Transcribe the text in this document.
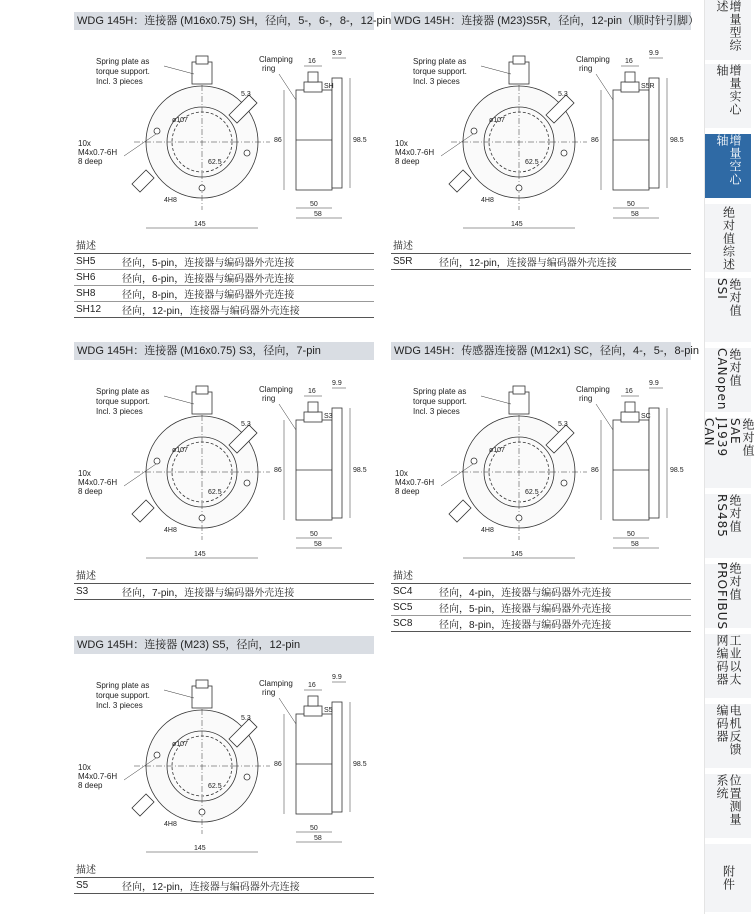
WDG 145H：连接器 (M16x0.75) SH，径向，5-，6-，8-，12-pin
Spring plate as
torque support.
Incl. 3 pieces
Clamping
ring
10x
M4x0.7-6H
8 deep
16
9.9
5.3
86	98.5
50
58
145
4H8
ø107
62.5
SH
描述
SH5	径向，5-pin，连接器与编码器外壳连接
SH6	径向，6-pin，连接器与编码器外壳连接
SH8	径向，8-pin，连接器与编码器外壳连接
SH12	径向，12-pin，连接器与编码器外壳连接
WDG 145H：连接器 (M23)S5R，径向，12-pin（顺时针引脚）
Spring plate as
torque support.
Incl. 3 pieces
Clamping
ring
10x
M4x0.7-6H
8 deep
16
9.9
5.3
86	98.5
50
58
145
4H8
ø107
62.5
S5R
描述
S5R	径向，12-pin，连接器与编码器外壳连接
WDG 145H：连接器 (M16x0.75) S3，径向，7-pin
Spring plate as
torque support.
Incl. 3 pieces
Clamping
ring
10x
M4x0.7-6H
8 deep
16
9.9
5.3
86	98.5
50
58
145
4H8
ø107
62.5
S3
描述
S3	径向，7-pin，连接器与编码器外壳连接
WDG 145H：传感器连接器 (M12x1) SC，径向，4-，5-，8-pin
Spring plate as
torque support.
Incl. 3 pieces
Clamping
ring
10x
M4x0.7-6H
8 deep
16
9.9
5.3
86	98.5
50
58
145
4H8
ø107
62.5
SC
描述
SC4	径向，4-pin，连接器与编码器外壳连接
SC5	径向，5-pin，连接器与编码器外壳连接
SC8	径向，8-pin，连接器与编码器外壳连接
WDG 145H：连接器 (M23) S5，径向，12-pin
Spring plate as
torque support.
Incl. 3 pieces
Clamping
ring
10x
M4x0.7-6H
8 deep
16
9.9
5.3
86	98.5
50
58
145
4H8
ø107
62.5
S5
描述
S5	径向，12-pin，连接器与编码器外壳连接
增量型综述
增量实心轴
增量空心轴
绝对值综述
绝对值 SSI
绝对值 CANopen
绝对值 SAE J1939 CAN
绝对值 RS485
绝对值 PROFIBUS
工业以太网编码器
电机反馈编码器
位置测量系统
附件
